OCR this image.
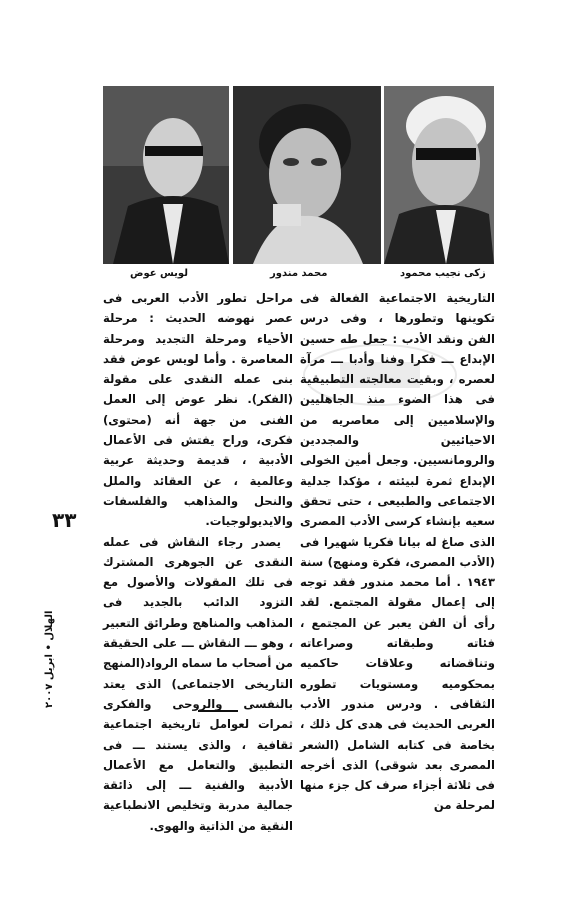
لويس عوض	محمد مندور	زكى نجيب محمود

التاريخية الاجتماعية الفعالة فى تكوينها وتطورها ، وفى درس الفن ونقد الأدب : جعل طه حسين الإبداع ـــ فكرا وفنا وأدبا ـــ مرآة لعصره ، وبقيت معالجته التطبيقية فى هذا الضوء منذ الجاهليين والإسلاميين إلى معاصريه من الاحيائيين والمجددين والرومانسيين. وجعل أمين الخولى الإبداع ثمرة لبيئته ، مؤكدا جدلية الاجتماعى والطبيعى ، حتى تحقق سعيه بإنشاء كرسى الأدب المصرى الذى صاغ له بيانا فكريا شهيرا فى (الأدب المصرى، فكرة ومنهج) سنة ١٩٤٣ . أما محمد مندور فقد توجه إلى إعمال مقولة المجتمع. لقد رأى أن الفن يعبر عن المجتمع ، فئاته وطبقاته وصراعاته وتناقضاته وعلاقات حاكميه بمحكوميه ومستويات تطوره الثقافى . ودرس مندور الأدب العربى الحديث فى هدى كل ذلك ، بخاصة فى كتابه الشامل (الشعر المصرى بعد شوقى) الذى أخرجه فى ثلاثة أجزاء صرف كل جزء منها لمرحلة من

مراحل تطور الأدب العربى فى عصر نهوضه الحديث : مرحلة الأحياء ومرحلة التجديد ومرحلة المعاصرة . وأما لويس عوض فقد بنى عمله النقدى على مقولة (الفكر). نظر عوض إلى العمل الفنى من جهة أنه (محتوى) فكرى، وراح يفتش فى الأعمال الأدبية ، قديمة وحديثة عربية وعالمية ، عن العقائد والملل والنحل والمذاهب والفلسفات والايديولوجيات.

يصدر رجاء النقاش فى عمله النقدى عن الجوهرى المشترك فى تلك المقولات والأصول مع التزود الدائب بالجديد فى المذاهب والمناهج وطرائق التعبير ، وهو ـــ النقاش ـــ على الحقيقة من أصحاب ما سماه الرواد(المنهج التاريخى الاجتماعى) الذى يعتد بالنفسى والروحى والفكرى ثمرات لعوامل تاريخية اجتماعية ثقافية ، والذى يستند ـــ فى التطبيق والتعامل مع الأعمال الأدبية والفنية ـــ إلى ذائقة جمالية مدربة وتخليص الانطباعية النقية من الذاتية والهوى.

٣٣
الهلال • ابريل ٢٠٠٧
